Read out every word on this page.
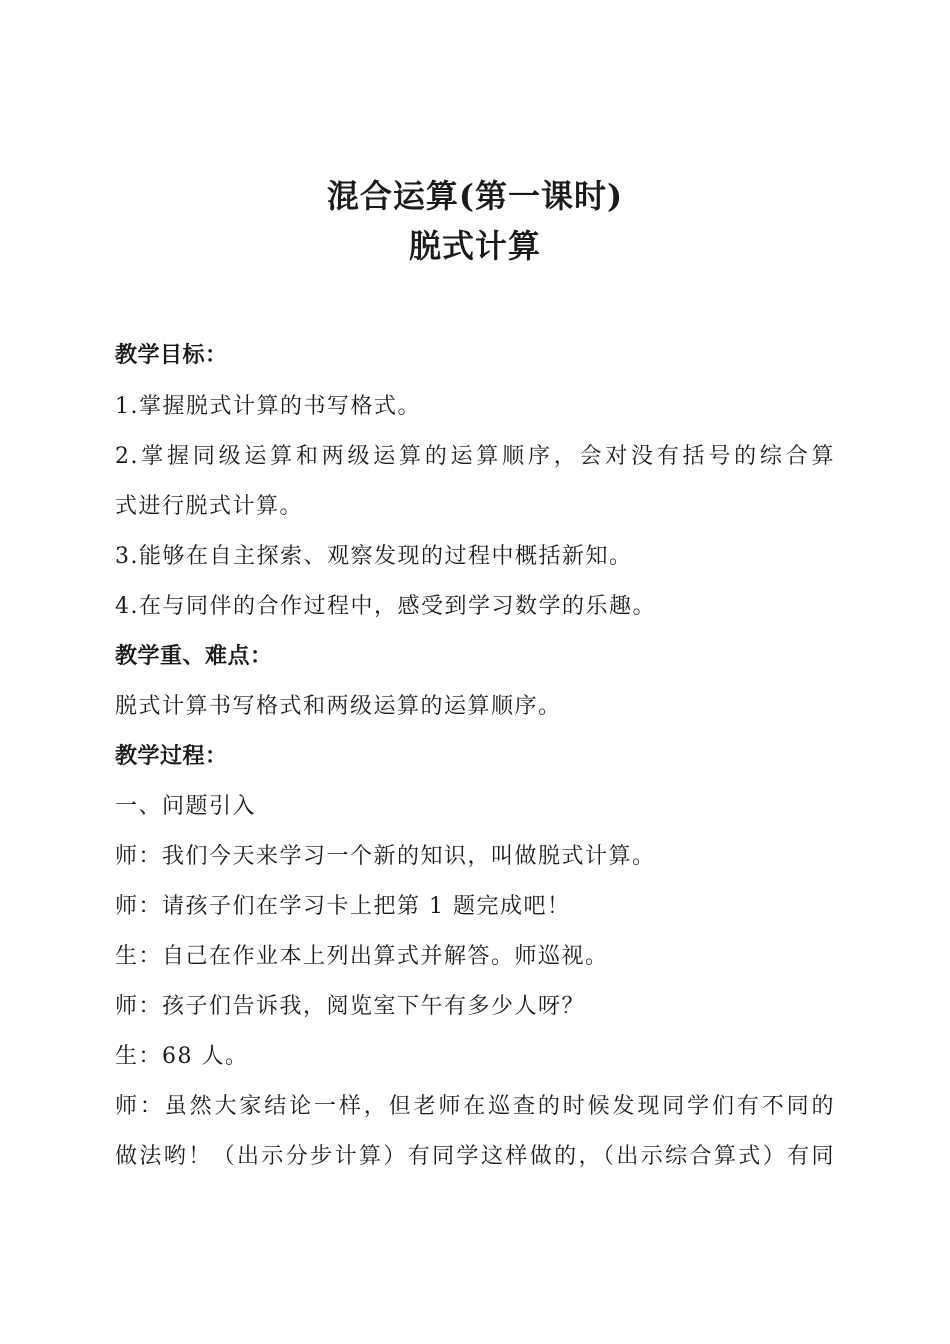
混合运算(第一课时)
脱式计算
教学目标：
1.掌握脱式计算的书写格式。
2.掌握同级运算和两级运算的运算顺序，会对没有括号的综合算
式进行脱式计算。
3.能够在自主探索、观察发现的过程中概括新知。
4.在与同伴的合作过程中，感受到学习数学的乐趣。
教学重、难点：
脱式计算书写格式和两级运算的运算顺序。
教学过程：
一、问题引入
师：我们今天来学习一个新的知识，叫做脱式计算。
师：请孩子们在学习卡上把第 1 题完成吧！
生：自己在作业本上列出算式并解答。师巡视。
师：孩子们告诉我，阅览室下午有多少人呀？
生：68 人。
师：虽然大家结论一样，但老师在巡查的时候发现同学们有不同的
做法哟！（出示分步计算）有同学这样做的，（出示综合算式）有同
